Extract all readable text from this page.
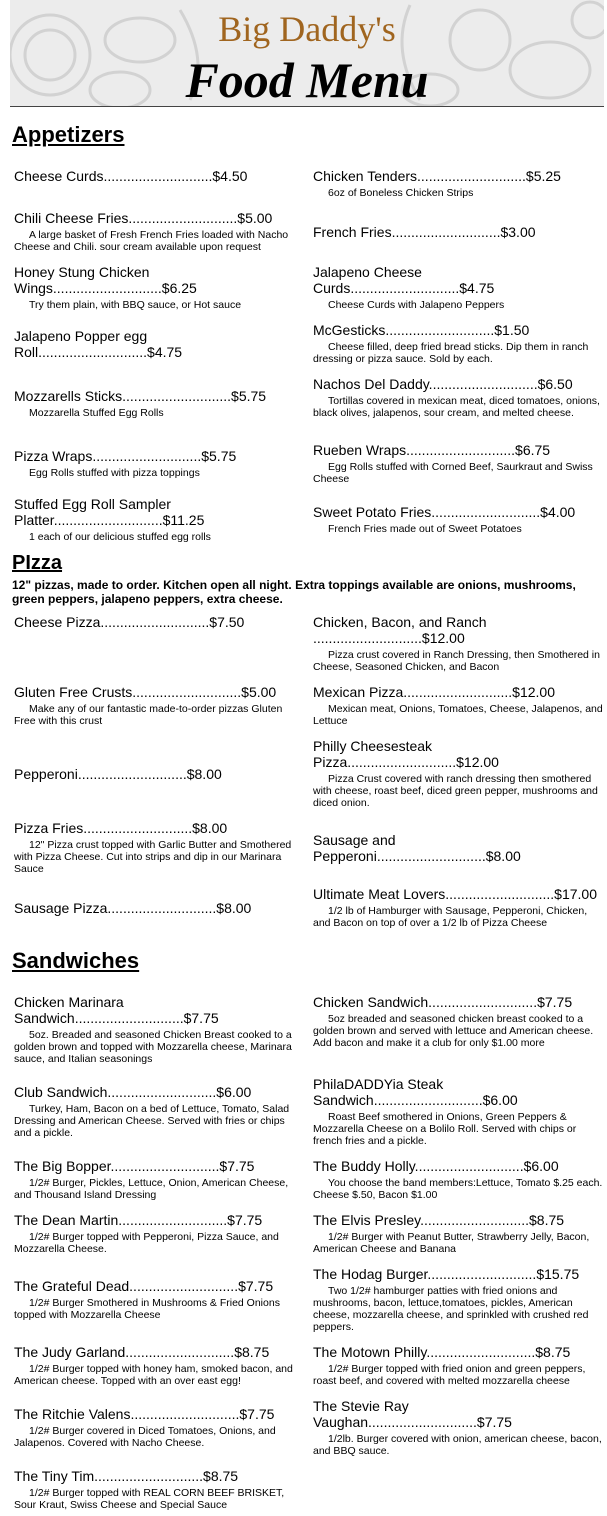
Big Daddy's
Food Menu
Appetizers
PIzza
12" pizzas, made to order. Kitchen open all night. Extra toppings available are onions, mushrooms, green peppers, jalapeno peppers, extra cheese.
Sandwiches
Cheese Curds............................$4.50
Chili Cheese Fries............................$5.00
A large basket of Fresh French Fries loaded with Nacho Cheese and Chili. sour cream available upon request
Honey Stung Chicken Wings............................$6.25
Try them plain, with BBQ sauce, or Hot sauce
Jalapeno Popper egg Roll............................$4.75
Mozzarells Sticks............................$5.75
Mozzarella Stuffed Egg Rolls
Pizza Wraps............................$5.75
Egg Rolls stuffed with pizza toppings
Stuffed Egg Roll Sampler Platter............................$11.25
1 each of our delicious stuffed egg rolls
Chicken Tenders............................$5.25
6oz of Boneless Chicken Strips
French Fries............................$3.00
Jalapeno Cheese Curds............................$4.75
Cheese Curds with Jalapeno Peppers
McGesticks............................$1.50
Cheese filled, deep fried bread sticks. Dip them in ranch dressing or pizza sauce. Sold by each.
Nachos Del Daddy............................$6.50
Tortillas covered in mexican meat, diced tomatoes, onions, black olives, jalapenos, sour cream, and melted cheese.
Rueben Wraps............................$6.75
Egg Rolls stuffed with Corned Beef, Saurkraut and Swiss Cheese
Sweet Potato Fries............................$4.00
French Fries made out of Sweet Potatoes
Cheese Pizza............................$7.50
Gluten Free Crusts............................$5.00
Make any of our fantastic made-to-order pizzas Gluten Free with this crust
Pepperoni............................$8.00
Pizza Fries............................$8.00
12" Pizza crust topped with Garlic Butter and Smothered with Pizza Cheese. Cut into strips and dip in our Marinara Sauce
Sausage Pizza............................$8.00
Chicken, Bacon, and Ranch ............................$12.00
Pizza crust covered in Ranch Dressing, then Smothered in Cheese, Seasoned Chicken, and Bacon
Mexican Pizza............................$12.00
Mexican meat, Onions, Tomatoes, Cheese, Jalapenos, and Lettuce
Philly Cheesesteak Pizza............................$12.00
Pizza Crust covered with ranch dressing then smothered with cheese, roast beef, diced green pepper, mushrooms and diced onion.
Sausage and Pepperoni............................$8.00
Ultimate Meat Lovers............................$17.00
1/2 lb of Hamburger with Sausage, Pepperoni, Chicken, and Bacon on top of over a 1/2 lb of Pizza Cheese
Chicken Marinara Sandwich............................$7.75
5oz. Breaded and seasoned Chicken Breast cooked to a golden brown and topped with Mozzarella cheese, Marinara sauce, and Italian seasonings
Club Sandwich............................$6.00
Turkey, Ham, Bacon on a bed of Lettuce, Tomato, Salad Dressing and American Cheese. Served with fries or chips and a pickle.
The Big Bopper............................$7.75
1/2# Burger, Pickles, Lettuce, Onion, American Cheese, and Thousand Island Dressing
The Dean Martin............................$7.75
1/2# Burger topped with Pepperoni, Pizza Sauce, and Mozzarella Cheese.
The Grateful Dead............................$7.75
1/2# Burger Smothered in Mushrooms & Fried Onions topped with Mozzarella Cheese
The Judy Garland............................$8.75
1/2# Burger topped with honey ham, smoked bacon, and American cheese. Topped with an over east egg!
The Ritchie Valens............................$7.75
1/2# Burger covered in Diced Tomatoes, Onions, and Jalapenos. Covered with Nacho Cheese.
The Tiny Tim............................$8.75
1/2# Burger topped with REAL CORN BEEF BRISKET, Sour Kraut, Swiss Cheese and Special Sauce
Chicken Sandwich............................$7.75
5oz breaded and seasoned chicken breast cooked to a golden brown and served with lettuce and American cheese. Add bacon and make it a club for only $1.00 more
PhilaDADDYia Steak Sandwich............................$6.00
Roast Beef smothered in Onions, Green Peppers & Mozzarella Cheese on a Bolilo Roll. Served with chips or french fries and a pickle.
The Buddy Holly............................$6.00
You choose the band members:Lettuce, Tomato $.25 each. Cheese $.50, Bacon $1.00
The Elvis Presley............................$8.75
1/2# Burger with Peanut Butter, Strawberry Jelly, Bacon, American Cheese and Banana
The Hodag Burger............................$15.75
Two 1/2# hamburger patties with fried onions and mushrooms, bacon, lettuce,tomatoes, pickles, American cheese, mozzarella cheese, and sprinkled with crushed red peppers.
The Motown Philly............................$8.75
1/2# Burger topped with fried onion and green peppers, roast beef, and covered with melted mozzarella cheese
The Stevie Ray Vaughan............................$7.75
1/2lb. Burger covered with onion, american cheese, bacon, and BBQ sauce.
